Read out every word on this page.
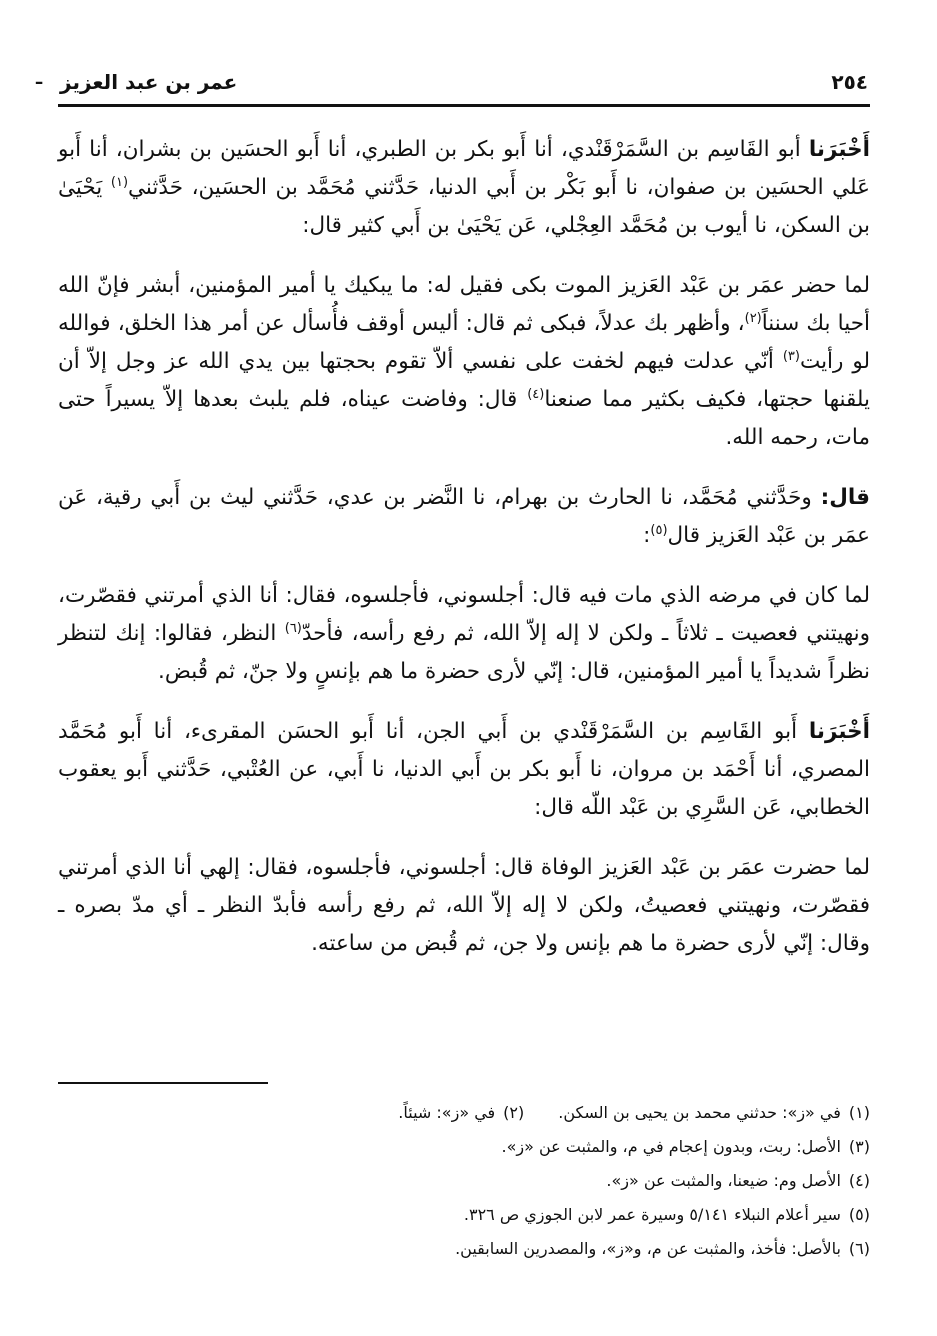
٢٥٤
عمر بن عبد العزيز
ـ

أَخْبَرَنا أبو القَاسِم بن السَّمَرْقَنْدي، أنا أَبو بكر بن الطبري، أنا أَبو الحسَين بن بشران، أنا أَبو عَلي الحسَين بن صفوان، نا أَبو بَكْر بن أَبي الدنيا، حَدَّثني مُحَمَّد بن الحسَين، حَدَّثني$^{(١)}$ يَحْيَىٰ بن السكن، نا أيوب بن مُحَمَّد العِجْلي، عَن يَحْيَىٰ بن أَبي كثير قال:

لما حضر عمَر بن عَبْد العَزيز الموت بكى فقيل له: ما يبكيك يا أمير المؤمنين، أبشر فإنّ الله أحيا بك سنناً$^{(٢)}$، وأظهر بك عدلاً، فبكى ثم قال: أليس أوقف فأُسأل عن أمر هذا الخلق، فوالله لو رأيت$^{(٣)}$ أنّي عدلت فيهم لخفت على نفسي ألاّ تقوم بحجتها بين يدي الله عز وجل إلاّ أن يلقنها حجتها، فكيف بكثير مما صنعنا$^{(٤)}$ قال: وفاضت عيناه، فلم يلبث بعدها إلاّ يسيراً حتى مات، رحمه الله.

قال: وحَدَّثني مُحَمَّد، نا الحارث بن بهرام، نا النَّضر بن عدي، حَدَّثني ليث بن أَبي رقية، عَن عمَر بن عَبْد العَزيز قال$^{(٥)}$:

لما كان في مرضه الذي مات فيه قال: أجلسوني، فأجلسوه، فقال: أنا الذي أمرتني فقصّرت، ونهيتني فعصيت ـ ثلاثاً ـ ولكن لا إله إلاّ الله، ثم رفع رأسه، فأحدّ$^{(٦)}$ النظر، فقالوا: إنك لتنظر نظراً شديداً يا أمير المؤمنين، قال: إنّي لأرى حضرة ما هم بإنسٍ ولا جنّ، ثم قُبض.

أَخْبَرَنا أَبو القَاسِم بن السَّمَرْقَنْدي بن أَبي الجن، أنا أَبو الحسَن المقرىء، أنا أَبو مُحَمَّد المصري، أنا أَحْمَد بن مروان، نا أَبو بكر بن أَبي الدنيا، نا أَبي، عن العُتْبي، حَدَّثني أَبو يعقوب الخطابي، عَن السَّرِي بن عَبْد اللّه قال:

لما حضرت عمَر بن عَبْد العَزيز الوفاة قال: أجلسوني، فأجلسوه، فقال: إلهي أنا الذي أمرتني فقصّرت، ونهيتني فعصيتُ، ولكن لا إله إلاّ الله، ثم رفع رأسه فأبدّ النظر ـ أي مدّ بصره ـ وقال: إنّي لأرى حضرة ما هم بإنس ولا جن، ثم قُبض من ساعته.

(١)في «ز»: حدثني محمد بن يحيى بن السكن.(٢)في «ز»: شيئاً.
(٣)الأصل: ربت، وبدون إعجام في م، والمثبت عن «ز».
(٤)الأصل وم: ضيعنا، والمثبت عن «ز».
(٥)سير أعلام النبلاء ٥/١٤١ وسيرة عمر لابن الجوزي ص ٣٢٦.
(٦)بالأصل: فأخذ، والمثبت عن م، و«ز»، والمصدرين السابقين.
